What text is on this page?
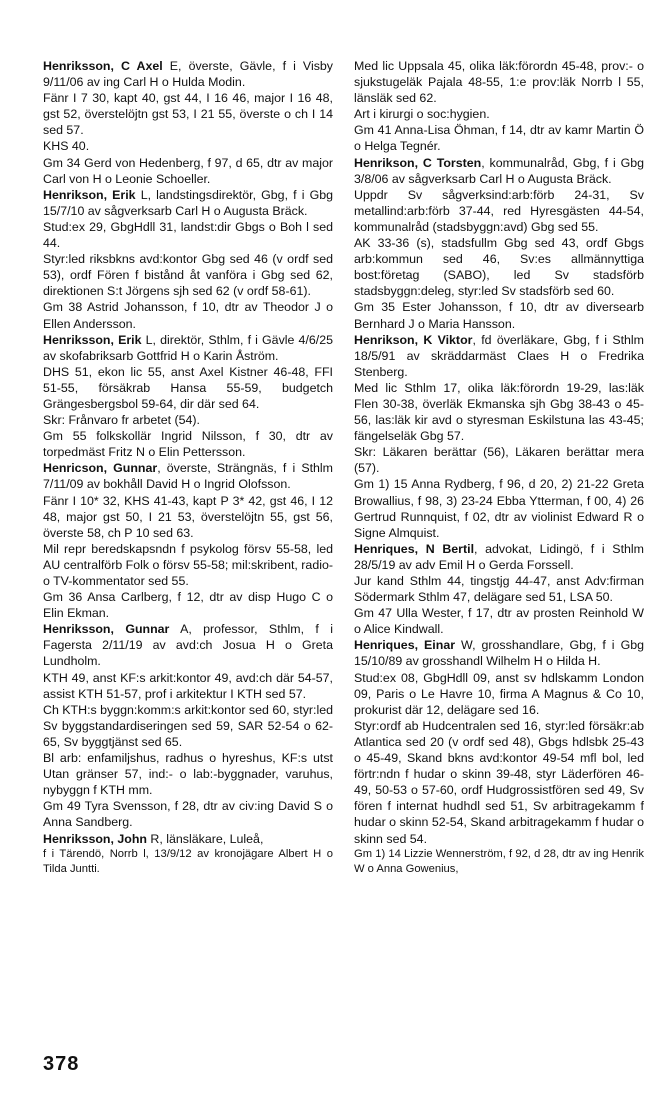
Henriksson, C Axel E, överste, Gävle, f i Visby 9/11/06 av ing Carl H o Hulda Modin.

Fänr I 7 30, kapt 40, gst 44, I 16 46, major I 16 48, gst 52, överstelöjtn gst 53, I 21 55, överste o ch I 14 sed 57.

KHS 40.

Gm 34 Gerd von Hedenberg, f 97, d 65, dtr av major Carl von H o Leonie Schoeller.

Henrikson, Erik L, landstingsdirektör, Gbg, f i Gbg 15/7/10 av sågverksarb Carl H o Augusta Bräck.

Stud:ex 29, GbgHdll 31, landst:dir Gbgs o Boh l sed 44.

Styr:led riksbkns avd:kontor Gbg sed 46 (v ordf sed 53), ordf Fören f bistånd åt vanföra i Gbg sed 62, direktionen S:t Jörgens sjh sed 62 (v ordf 58-61).

Gm 38 Astrid Johansson, f 10, dtr av Theodor J o Ellen Andersson.

Henriksson, Erik L, direktör, Sthlm, f i Gävle 4/6/25 av skofabriksarb Gottfrid H o Karin Åström.

DHS 51, ekon lic 55, anst Axel Kistner 46-48, FFI 51-55, försäkrab Hansa 55-59, budgetch Grängesbergsbol 59-64, dir där sed 64.

Skr: Frånvaro fr arbetet (54).

Gm 55 folkskollär Ingrid Nilsson, f 30, dtr av torpedmäst Fritz N o Elin Pettersson.

Henricson, Gunnar, överste, Strängnäs, f i Sthlm 7/11/09 av bokhåll David H o Ingrid Olofsson.

Fänr I 10* 32, KHS 41-43, kapt P 3* 42, gst 46, I 12 48, major gst 50, I 21 53, överstelöjtn 55, gst 56, överste 58, ch P 10 sed 63.

Mil repr beredskapsndn f psykolog försv 55-58, led AU centralförb Folk o försv 55-58; mil:skribent, radio- o TV-kommentator sed 55.

Gm 36 Ansa Carlberg, f 12, dtr av disp Hugo C o Elin Ekman.

Henriksson, Gunnar A, professor, Sthlm, f i Fagersta 2/11/19 av avd:ch Josua H o Greta Lundholm.

KTH 49, anst KF:s arkit:kontor 49, avd:ch där 54-57, assist KTH 51-57, prof i arkitektur I KTH sed 57.

Ch KTH:s byggn:komm:s arkit:kontor sed 60, styr:led Sv byggstandardiseringen sed 59, SAR 52-54 o 62-65, Sv byggtjänst sed 65.

Bl arb: enfamiljshus, radhus o hyreshus, KF:s utst Utan gränser 57, ind:- o lab:-byggnader, varuhus, nybyggn f KTH mm.

Gm 49 Tyra Svensson, f 28, dtr av civ:ing David S o Anna Sandberg.

Henriksson, John R, länsläkare, Luleå,

f i Tärendö, Norrb l, 13/9/12 av kronojägare Albert H o Tilda Juntti.

Med lic Uppsala 45, olika läk:förordn 45-48, prov:- o sjukstugeläk Pajala 48-55, 1:e prov:läk Norrb l 55, länsläk sed 62.

Art i kirurgi o soc:hygien.

Gm 41 Anna-Lisa Öhman, f 14, dtr av kamr Martin Ö o Helga Tegnér.

Henrikson, C Torsten, kommunalråd, Gbg, f i Gbg 3/8/06 av sågverksarb Carl H o Augusta Bräck.

Uppdr Sv sågverksind:arb:förb 24-31, Sv metallind:arb:förb 37-44, red Hyresgästen 44-54, kommunalråd (stadsbyggn:avd) Gbg sed 55.

AK 33-36 (s), stadsfullm Gbg sed 43, ordf Gbgs arb:kommun sed 46, Sv:es allmännyttiga bost:företag (SABO), led Sv stadsförb stadsbyggn:deleg, styr:led Sv stadsförb sed 60.

Gm 35 Ester Johansson, f 10, dtr av diversearb Bernhard J o Maria Hansson.

Henrikson, K Viktor, fd överläkare, Gbg, f i Sthlm 18/5/91 av skräddarmäst Claes H o Fredrika Stenberg.

Med lic Sthlm 17, olika läk:förordn 19-29, las:läk Flen 30-38, överläk Ekmanska sjh Gbg 38-43 o 45-56, las:läk kir avd o styresman Eskilstuna las 43-45; fängelseläk Gbg 57.

Skr: Läkaren berättar (56), Läkaren berättar mera (57).

Gm 1) 15 Anna Rydberg, f 96, d 20, 2) 21-22 Greta Browallius, f 98, 3) 23-24 Ebba Ytterman, f 00, 4) 26 Gertrud Runnquist, f 02, dtr av violinist Edward R o Signe Almquist.

Henriques, N Bertil, advokat, Lidingö, f i Sthlm 28/5/19 av adv Emil H o Gerda Forssell.

Jur kand Sthlm 44, tingstjg 44-47, anst Adv:firman Södermark Sthlm 47, delägare sed 51, LSA 50.

Gm 47 Ulla Wester, f 17, dtr av prosten Reinhold W o Alice Kindwall.

Henriques, Einar W, grosshandlare, Gbg, f i Gbg 15/10/89 av grosshandl Wilhelm H o Hilda H.

Stud:ex 08, GbgHdll 09, anst sv hdlskamm London 09, Paris o Le Havre 10, firma A Magnus & Co 10, prokurist där 12, delägare sed 16.

Styr:ordf ab Hudcentralen sed 16, styr:led försäkr:ab Atlantica sed 20 (v ordf sed 48), Gbgs hdlsbk 25-43 o 45-49, Skand bkns avd:kontor 49-54 mfl bol, led förtr:ndn f hudar o skinn 39-48, styr Läderfören 46-49, 50-53 o 57-60, ordf Hudgrossistfören sed 49, Sv fören f internat hudhdl sed 51, Sv arbitragekamm f hudar o skinn 52-54, Skand arbitragekamm f hudar o skinn sed 54.

Gm 1) 14 Lizzie Wennerström, f 92, d 28, dtr av ing Henrik W o Anna Gowenius,

378
